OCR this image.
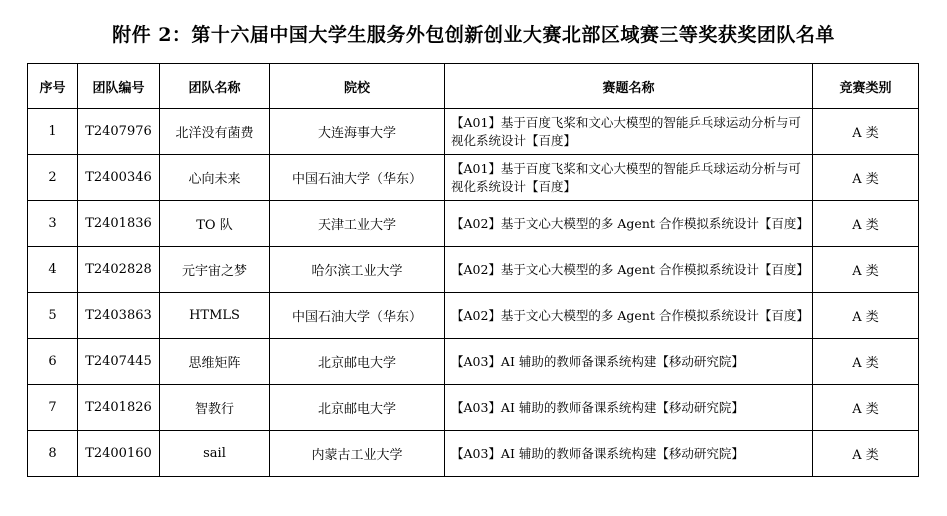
附件 2：第十六届中国大学生服务外包创新创业大赛北部区域赛三等奖获奖团队名单
序号	团队编号	团队名称	院校	赛题名称	竞赛类别
1	T2407976	北洋没有菌费	大连海事大学	【A01】基于百度飞桨和文心大模型的智能乒乓球运动分析与可视化系统设计【百度】	A 类
2	T2400346	心向未来	中国石油大学（华东）	【A01】基于百度飞桨和文心大模型的智能乒乓球运动分析与可视化系统设计【百度】	A 类
3	T2401836	TO 队	天津工业大学	【A02】基于文心大模型的多 Agent 合作模拟系统设计【百度】	A 类
4	T2402828	元宇宙之梦	哈尔滨工业大学	【A02】基于文心大模型的多 Agent 合作模拟系统设计【百度】	A 类
5	T2403863	HTMLS	中国石油大学（华东）	【A02】基于文心大模型的多 Agent 合作模拟系统设计【百度】	A 类
6	T2407445	思维矩阵	北京邮电大学	【A03】AI 辅助的教师备课系统构建【移动研究院】	A 类
7	T2401826	智教行	北京邮电大学	【A03】AI 辅助的教师备课系统构建【移动研究院】	A 类
8	T2400160	sail	内蒙古工业大学	【A03】AI 辅助的教师备课系统构建【移动研究院】	A 类
